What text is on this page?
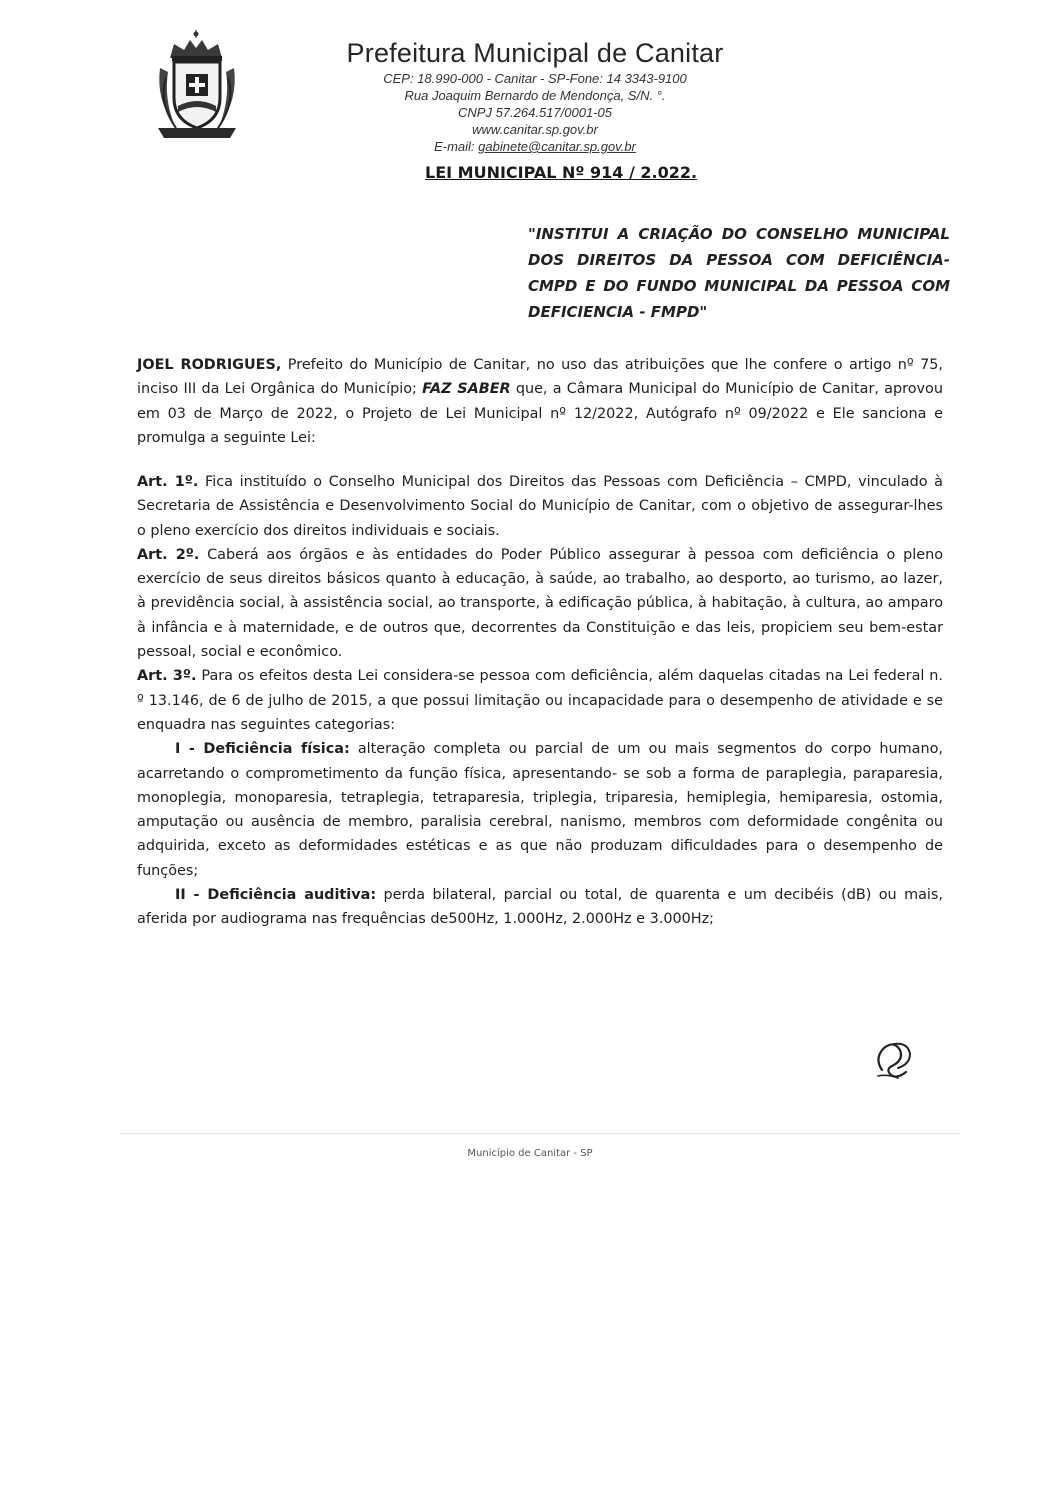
Prefeitura Municipal de Canitar

CEP: 18.990-000 - Canitar - SP-Fone: 14 3343-9100

Rua Joaquim Bernardo de Mendonça, S/N. °.

CNPJ 57.264.517/0001-05

www.canitar.sp.gov.br

E-mail: gabinete@canitar.sp.gov.br

LEI MUNICIPAL Nº 914 / 2.022.

"INSTITUI A CRIAÇÃO DO CONSELHO MUNICIPAL DOS DIREITOS DA PESSOA COM DEFICIÊNCIA-CMPD E DO FUNDO MUNICIPAL DA PESSOA COM DEFICIENCIA - FMPD"

JOEL RODRIGUES, Prefeito do Município de Canitar, no uso das atribuições que lhe confere o artigo nº 75, inciso III da Lei Orgânica do Município; FAZ SABER que, a Câmara Municipal do Município de Canitar, aprovou em 03 de Março de 2022, o Projeto de Lei Municipal nº 12/2022, Autógrafo nº 09/2022 e Ele sanciona e promulga a seguinte Lei:

Art. 1º. Fica instituído o Conselho Municipal dos Direitos das Pessoas com Deficiência – CMPD, vinculado à Secretaria de Assistência e Desenvolvimento Social do Município de Canitar, com o objetivo de assegurar-lhes o pleno exercício dos direitos individuais e sociais.

Art. 2º. Caberá aos órgãos e às entidades do Poder Público assegurar à pessoa com deficiência o pleno exercício de seus direitos básicos quanto à educação, à saúde, ao trabalho, ao desporto, ao turismo, ao lazer, à previdência social, à assistência social, ao transporte, à edificação pública, à habitação, à cultura, ao amparo à infância e à maternidade, e de outros que, decorrentes da Constituição e das leis, propiciem seu bem-estar pessoal, social e econômico.

Art. 3º. Para os efeitos desta Lei considera-se pessoa com deficiência, além daquelas citadas na Lei federal n. º 13.146, de 6 de julho de 2015, a que possui limitação ou incapacidade para o desempenho de atividade e se enquadra nas seguintes categorias:

I - Deficiência física: alteração completa ou parcial de um ou mais segmentos do corpo humano, acarretando o comprometimento da função física, apresentando- se sob a forma de paraplegia, paraparesia, monoplegia, monoparesia, tetraplegia, tetraparesia, triplegia, triparesia, hemiplegia, hemiparesia, ostomia, amputação ou ausência de membro, paralisia cerebral, nanismo, membros com deformidade congênita ou adquirida, exceto as deformidades estéticas e as que não produzam dificuldades para o desempenho de funções;

II - Deficiência auditiva: perda bilateral, parcial ou total, de quarenta e um decibéis (dB) ou mais, aferida por audiograma nas frequências de500Hz, 1.000Hz, 2.000Hz e 3.000Hz;

Município de Canitar - SP
